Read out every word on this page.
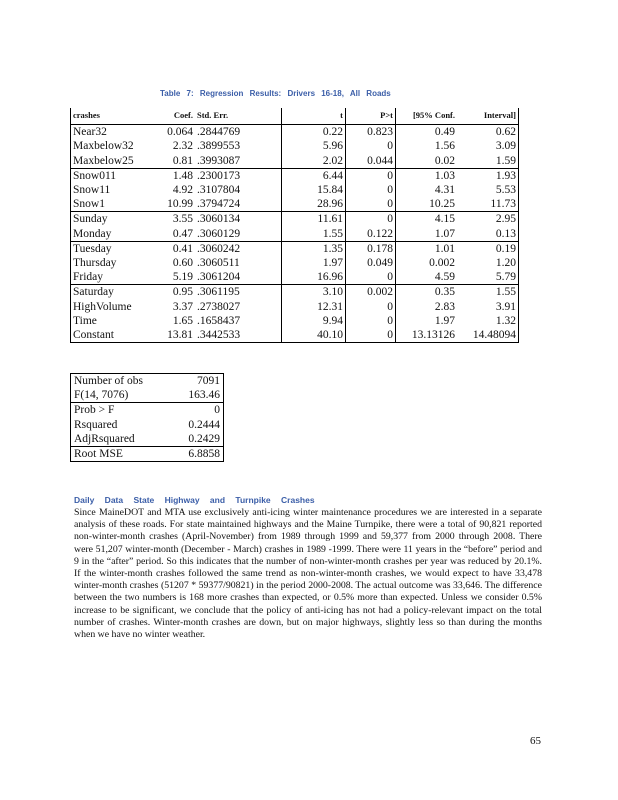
Table 7: Regression Results: Drivers 16-18, All Roads
crashes	Coef.	Std. Err.	t	P>t	[95% Conf.	Interval]
Near32	0.064	.2844769	0.22	0.823	0.49	0.62
Maxbelow32	2.32	.3899553	5.96	0	1.56	3.09
Maxbelow25	0.81	.3993087	2.02	0.044	0.02	1.59
Snow011	1.48	.2300173	6.44	0	1.03	1.93
Snow11	4.92	.3107804	15.84	0	4.31	5.53
Snow1	10.99	.3794724	28.96	0	10.25	11.73
Sunday	3.55	.3060134	11.61	0	4.15	2.95
Monday	0.47	.3060129	1.55	0.122	1.07	0.13
Tuesday	0.41	.3060242	1.35	0.178	1.01	0.19
Thursday	0.60	.3060511	1.97	0.049	0.002	1.20
Friday	5.19	.3061204	16.96	0	4.59	5.79
Saturday	0.95	.3061195	3.10	0.002	0.35	1.55
HighVolume	3.37	.2738027	12.31	0	2.83	3.91
Time	1.65	.1658437	9.94	0	1.97	1.32
Constant	13.81	.3442533	40.10	0	13.13126	14.48094
Number of obs	7091
F(14, 7076)	163.46
Prob > F	0
Rsquared	0.2444
AdjRsquared	0.2429
Root MSE	6.8858
Daily Data State Highway and Turnpike Crashes

Since MaineDOT and MTA use exclusively anti-icing winter maintenance procedures we are interested in a separate analysis of these roads. For state maintained highways and the Maine Turnpike, there were a total of 90,821 reported non-winter-month crashes (April-November) from 1989 through 1999 and 59,377 from 2000 through 2008. There were 51,207 winter-month (December - March) crashes in 1989 -1999. There were 11 years in the “before” period and 9 in the “after” period. So this indicates that the number of non-winter-month crashes per year was reduced by 20.1%. If the winter-month crashes followed the same trend as non-winter-month crashes, we would expect to have 33,478 winter-month crashes (51207 * 59377/90821) in the period 2000-2008. The actual outcome was 33,646. The difference between the two numbers is 168 more crashes than expected, or 0.5% more than expected. Unless we consider 0.5% increase to be significant, we conclude that the policy of anti-icing has not had a policy-relevant impact on the total number of crashes. Winter-month crashes are down, but on major highways, slightly less so than during the months when we have no winter weather.

65
